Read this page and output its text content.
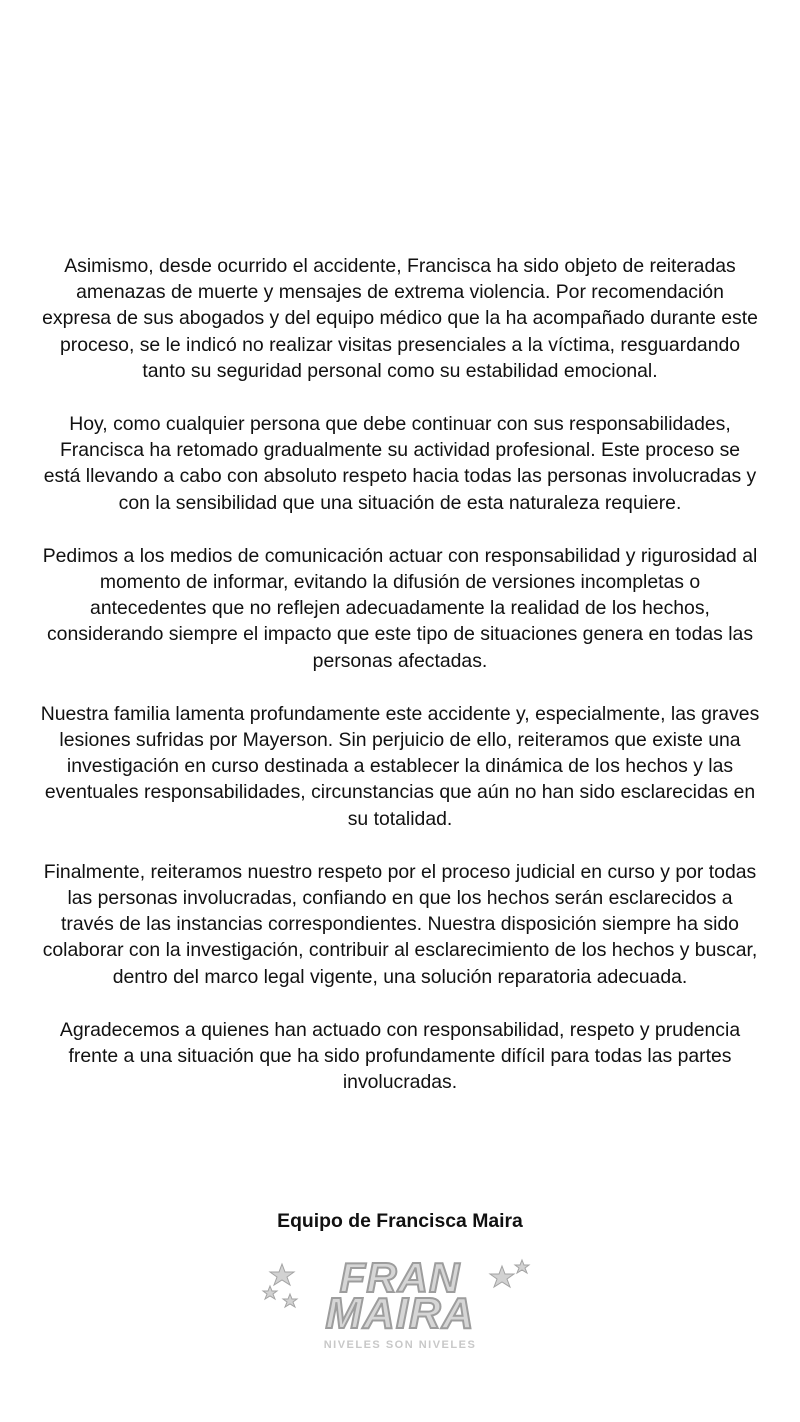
Asimismo, desde ocurrido el accidente, Francisca ha sido objeto de reiteradas amenazas de muerte y mensajes de extrema violencia. Por recomendación expresa de sus abogados y del equipo médico que la ha acompañado durante este proceso, se le indicó no realizar visitas presenciales a la víctima, resguardando tanto su seguridad personal como su estabilidad emocional.

Hoy, como cualquier persona que debe continuar con sus responsabilidades, Francisca ha retomado gradualmente su actividad profesional. Este proceso se está llevando a cabo con absoluto respeto hacia todas las personas involucradas y con la sensibilidad que una situación de esta naturaleza requiere.

Pedimos a los medios de comunicación actuar con responsabilidad y rigurosidad al momento de informar, evitando la difusión de versiones incompletas o antecedentes que no reflejen adecuadamente la realidad de los hechos, considerando siempre el impacto que este tipo de situaciones genera en todas las personas afectadas.

Nuestra familia lamenta profundamente este accidente y, especialmente, las graves lesiones sufridas por Mayerson. Sin perjuicio de ello, reiteramos que existe una investigación en curso destinada a establecer la dinámica de los hechos y las eventuales responsabilidades, circunstancias que aún no han sido esclarecidas en su totalidad.

Finalmente, reiteramos nuestro respeto por el proceso judicial en curso y por todas las personas involucradas, confiando en que los hechos serán esclarecidos a través de las instancias correspondientes. Nuestra disposición siempre ha sido colaborar con la investigación, contribuir al esclarecimiento de los hechos y buscar, dentro del marco legal vigente, una solución reparatoria adecuada.

Agradecemos a quienes han actuado con responsabilidad, respeto y prudencia frente a una situación que ha sido profundamente difícil para todas las partes involucradas.

Equipo de Francisca Maira
FRAN
MAIRA
NIVELES SON NIVELES
